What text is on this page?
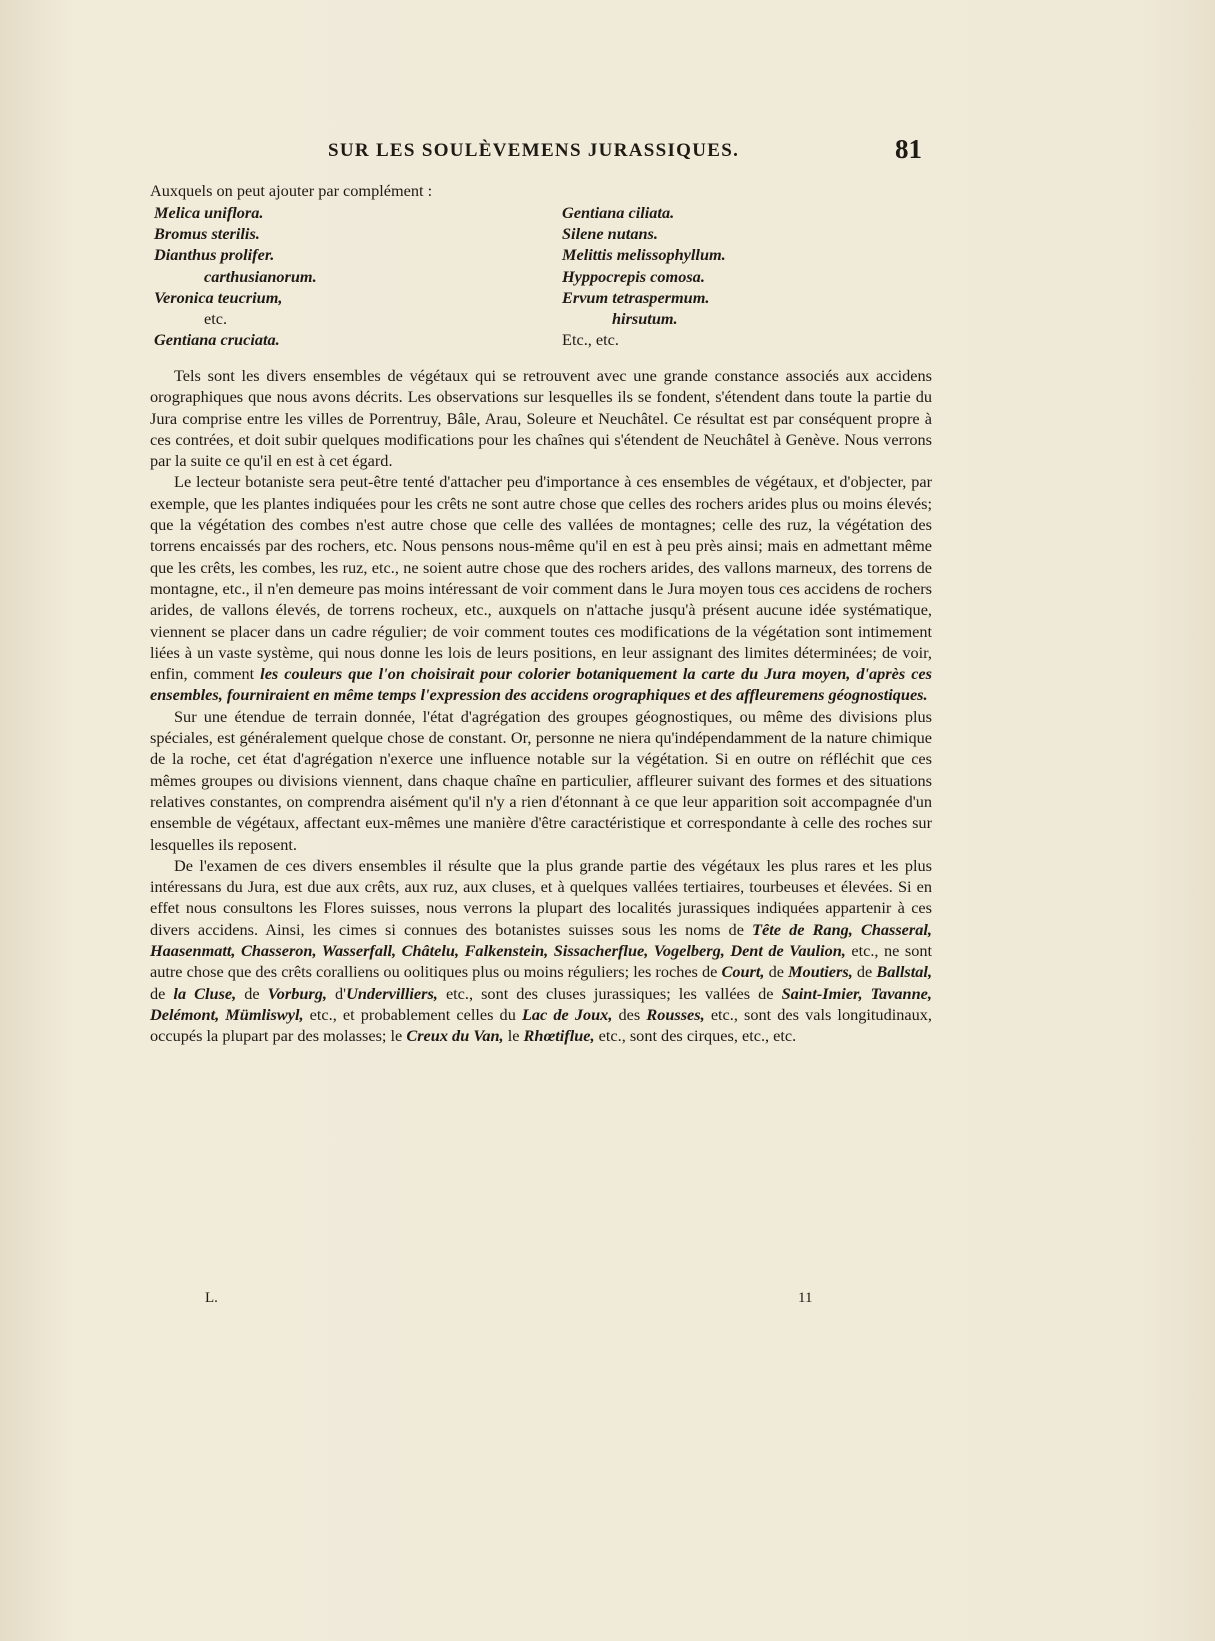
SUR LES SOULÈVEMENS JURASSIQUES.	81
Auxquels on peut ajouter par complément :
Melica uniflora.
Bromus sterilis.
Dianthus prolifer.
carthusianorum.
Veronica teucrium,
etc.
Gentiana cruciata.
Gentiana ciliata.
Silene nutans.
Melittis melissophyllum.
Hyppocrepis comosa.
Ervum tetraspermum.
hirsutum.
Etc., etc.

Tels sont les divers ensembles de végétaux qui se retrouvent avec une grande constance associés aux accidens orographiques que nous avons décrits. Les observations sur lesquelles ils se fondent, s'étendent dans toute la partie du Jura comprise entre les villes de Porrentruy, Bâle, Arau, Soleure et Neuchâtel. Ce résultat est par conséquent propre à ces contrées, et doit subir quelques modifications pour les chaînes qui s'étendent de Neuchâtel à Genève. Nous verrons par la suite ce qu'il en est à cet égard.

Le lecteur botaniste sera peut-être tenté d'attacher peu d'importance à ces ensembles de végétaux, et d'objecter, par exemple, que les plantes indiquées pour les crêts ne sont autre chose que celles des rochers arides plus ou moins élevés; que la végétation des combes n'est autre chose que celle des vallées de montagnes; celle des ruz, la végétation des torrens encaissés par des rochers, etc. Nous pensons nous-même qu'il en est à peu près ainsi; mais en admettant même que les crêts, les combes, les ruz, etc., ne soient autre chose que des rochers arides, des vallons marneux, des torrens de montagne, etc., il n'en demeure pas moins intéressant de voir comment dans le Jura moyen tous ces accidens de rochers arides, de vallons élevés, de torrens rocheux, etc., auxquels on n'attache jusqu'à présent aucune idée systématique, viennent se placer dans un cadre régulier; de voir comment toutes ces modifications de la végétation sont intimement liées à un vaste système, qui nous donne les lois de leurs positions, en leur assignant des limites déterminées; de voir, enfin, comment les couleurs que l'on choisirait pour colorier botaniquement la carte du Jura moyen, d'après ces ensembles, fourniraient en même temps l'expression des accidens orographiques et des affleuremens géognostiques.

Sur une étendue de terrain donnée, l'état d'agrégation des groupes géognostiques, ou même des divisions plus spéciales, est généralement quelque chose de constant. Or, personne ne niera qu'indépendamment de la nature chimique de la roche, cet état d'agrégation n'exerce une influence notable sur la végétation. Si en outre on réfléchit que ces mêmes groupes ou divisions viennent, dans chaque chaîne en particulier, affleurer suivant des formes et des situations relatives constantes, on comprendra aisément qu'il n'y a rien d'étonnant à ce que leur apparition soit accompagnée d'un ensemble de végétaux, affectant eux-mêmes une manière d'être caractéristique et correspondante à celle des roches sur lesquelles ils reposent.

De l'examen de ces divers ensembles il résulte que la plus grande partie des végétaux les plus rares et les plus intéressans du Jura, est due aux crêts, aux ruz, aux cluses, et à quelques vallées tertiaires, tourbeuses et élevées. Si en effet nous consultons les Flores suisses, nous verrons la plupart des localités jurassiques indiquées appartenir à ces divers accidens. Ainsi, les cimes si connues des botanistes suisses sous les noms de Tête de Rang, Chasseral, Haasenmatt, Chasseron, Wasserfall, Châtelu, Falkenstein, Sissacherflue, Vogelberg, Dent de Vaulion, etc., ne sont autre chose que des crêts coralliens ou oolitiques plus ou moins réguliers; les roches de Court, de Moutiers, de Ballstal, de la Cluse, de Vorburg, d'Undervilliers, etc., sont des cluses jurassiques; les vallées de Saint-Imier, Tavanne, Delémont, Mümliswyl, etc., et probablement celles du Lac de Joux, des Rousses, etc., sont des vals longitudinaux, occupés la plupart par des molasses; le Creux du Van, le Rhœtiflue, etc., sont des cirques, etc., etc.

L.	11
